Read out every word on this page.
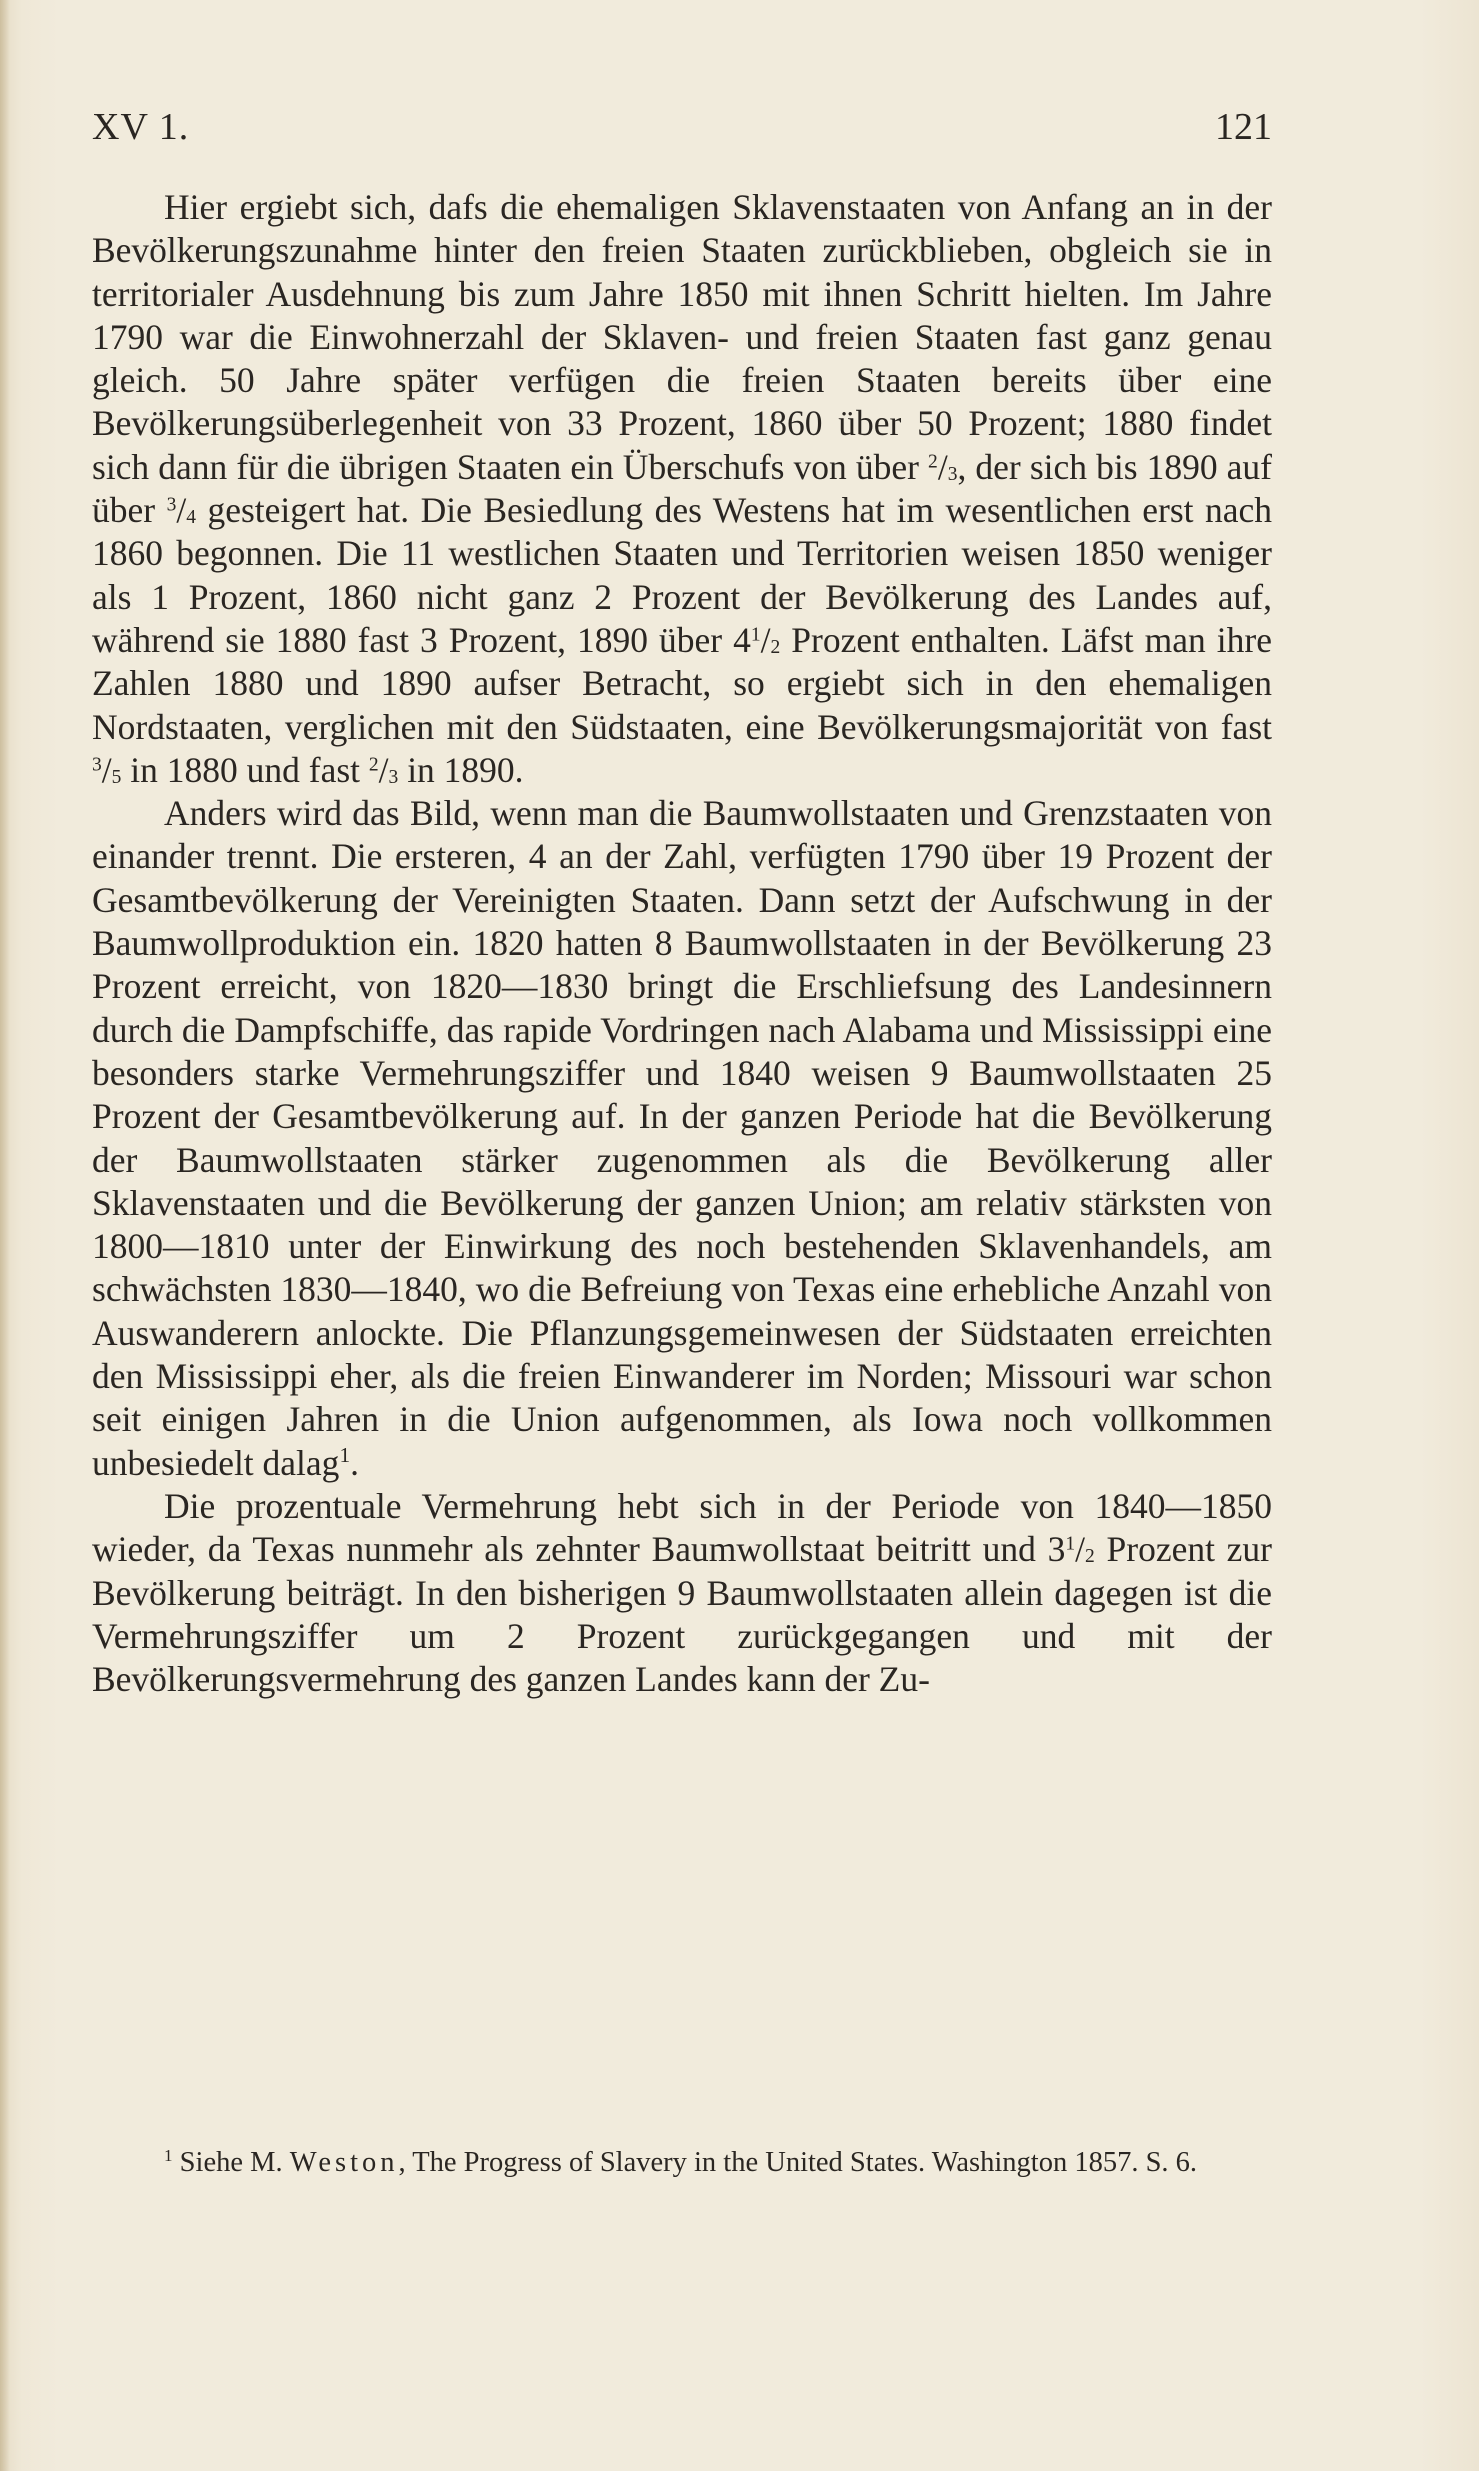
XV 1.	121

Hier ergiebt sich, dafs die ehemaligen Sklavenstaaten von Anfang an in der Bevölkerungszunahme hinter den freien Staaten zurückblieben, obgleich sie in territorialer Ausdehnung bis zum Jahre 1850 mit ihnen Schritt hielten. Im Jahre 1790 war die Einwohnerzahl der Sklaven- und freien Staaten fast ganz genau gleich. 50 Jahre später verfügen die freien Staaten bereits über eine Bevölkerungsüberlegenheit von 33 Prozent, 1860 über 50 Prozent; 1880 findet sich dann für die übrigen Staaten ein Überschufs von über $^2/_3$, der sich bis 1890 auf über $^3/_4$ gesteigert hat. Die Besiedlung des Westens hat im wesentlichen erst nach 1860 begonnen. Die 11 westlichen Staaten und Territorien weisen 1850 weniger als 1 Prozent, 1860 nicht ganz 2 Prozent der Bevölkerung des Landes auf, während sie 1880 fast 3 Prozent, 1890 über $4^1/_2$ Prozent enthalten. Läfst man ihre Zahlen 1880 und 1890 aufser Betracht, so ergiebt sich in den ehemaligen Nordstaaten, verglichen mit den Südstaaten, eine Bevölkerungsmajorität von fast $^3/_5$ in 1880 und fast $^2/_3$ in 1890.

Anders wird das Bild, wenn man die Baumwollstaaten und Grenzstaaten von einander trennt. Die ersteren, 4 an der Zahl, verfügten 1790 über 19 Prozent der Gesamtbevölkerung der Vereinigten Staaten. Dann setzt der Aufschwung in der Baumwollproduktion ein. 1820 hatten 8 Baumwollstaaten in der Bevölkerung 23 Prozent erreicht, von 1820—1830 bringt die Erschliefsung des Landesinnern durch die Dampfschiffe, das rapide Vordringen nach Alabama und Mississippi eine besonders starke Vermehrungsziffer und 1840 weisen 9 Baumwollstaaten 25 Prozent der Gesamtbevölkerung auf. In der ganzen Periode hat die Bevölkerung der Baumwollstaaten stärker zugenommen als die Bevölkerung aller Sklavenstaaten und die Bevölkerung der ganzen Union; am relativ stärksten von 1800—1810 unter der Einwirkung des noch bestehenden Sklavenhandels, am schwächsten 1830—1840, wo die Befreiung von Texas eine erhebliche Anzahl von Auswanderern anlockte. Die Pflanzungsgemeinwesen der Südstaaten erreichten den Mississippi eher, als die freien Einwanderer im Norden; Missouri war schon seit einigen Jahren in die Union aufgenommen, als Iowa noch vollkommen unbesiedelt dalag$^1$.

Die prozentuale Vermehrung hebt sich in der Periode von 1840—1850 wieder, da Texas nunmehr als zehnter Baumwollstaat beitritt und $3^1/_2$ Prozent zur Bevölkerung beiträgt. In den bisherigen 9 Baumwollstaaten allein dagegen ist die Vermehrungsziffer um 2 Prozent zurückgegangen und mit der Bevölkerungsvermehrung des ganzen Landes kann der Zu-

$^1$ Siehe M. Weston, The Progress of Slavery in the United States. Washington 1857. S. 6.
